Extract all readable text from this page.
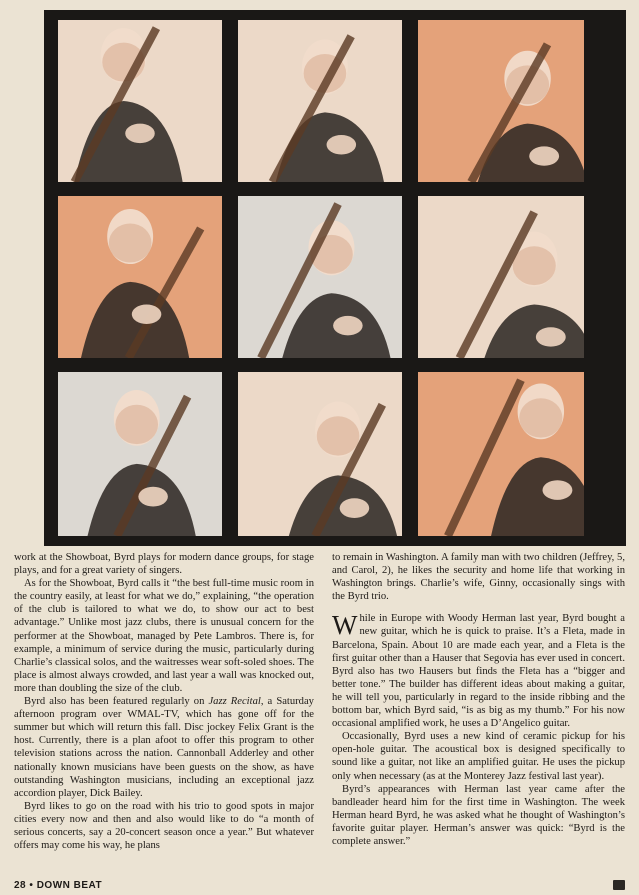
work at the Showboat, Byrd plays for modern dance groups, for stage plays, and for a great variety of singers.

As for the Showboat, Byrd calls it “the best full-time music room in the country easily, at least for what we do,” explaining, “the operation of the club is tailored to what we do, to show our act to best advantage.” Unlike most jazz clubs, there is unusual concern for the performer at the Showboat, managed by Pete Lambros. There is, for example, a minimum of service during the music, particularly during Charlie’s classical solos, and the waitresses wear soft-soled shoes. The place is almost always crowded, and last year a wall was knocked out, more than doubling the size of the club.

Byrd also has been featured regularly on Jazz Recital, a Saturday afternoon program over WMAL-TV, which has gone off for the summer but which will return this fall. Disc jockey Felix Grant is the host. Currently, there is a plan afoot to offer this program to other television stations across the nation. Cannonball Adderley and other nationally known musicians have been guests on the show, as have outstanding Washington musicians, including an exceptional jazz accordion player, Dick Bailey.

Byrd likes to go on the road with his trio to good spots in major cities every now and then and also would like to do “a month of serious concerts, say a 20-concert season once a year.” But whatever offers may come his way, he plans

to remain in Washington. A family man with two children (Jeffrey, 5, and Carol, 2), he likes the security and home life that working in Washington brings. Charlie’s wife, Ginny, occasionally sings with the Byrd trio.

W hile in Europe with Woody Herman last year, Byrd bought a new guitar, which he is quick to praise. It’s a Fleta, made in Barcelona, Spain. About 10 are made each year, and a Fleta is the first guitar other than a Hauser that Segovia has ever used in concert. Byrd also has two Hausers but finds the Fleta has a “bigger and better tone.” The builder has different ideas about making a guitar, he will tell you, particularly in regard to the inside ribbing and the bottom bar, which Byrd said, “is as big as my thumb.” For his now occasional amplified work, he uses a D’Angelico guitar.

Occasionally, Byrd uses a new kind of ceramic pickup for his open-hole guitar. The acoustical box is designed specifically to sound like a guitar, not like an amplified guitar. He uses the pickup only when necessary (as at the Monterey Jazz festival last year).

Byrd’s appearances with Herman last year came after the bandleader heard him for the first time in Washington. The week Herman heard Byrd, he was asked what he thought of Washington’s favorite guitar player. Herman’s answer was quick: “Byrd is the complete answer.”

28 • DOWN BEAT
